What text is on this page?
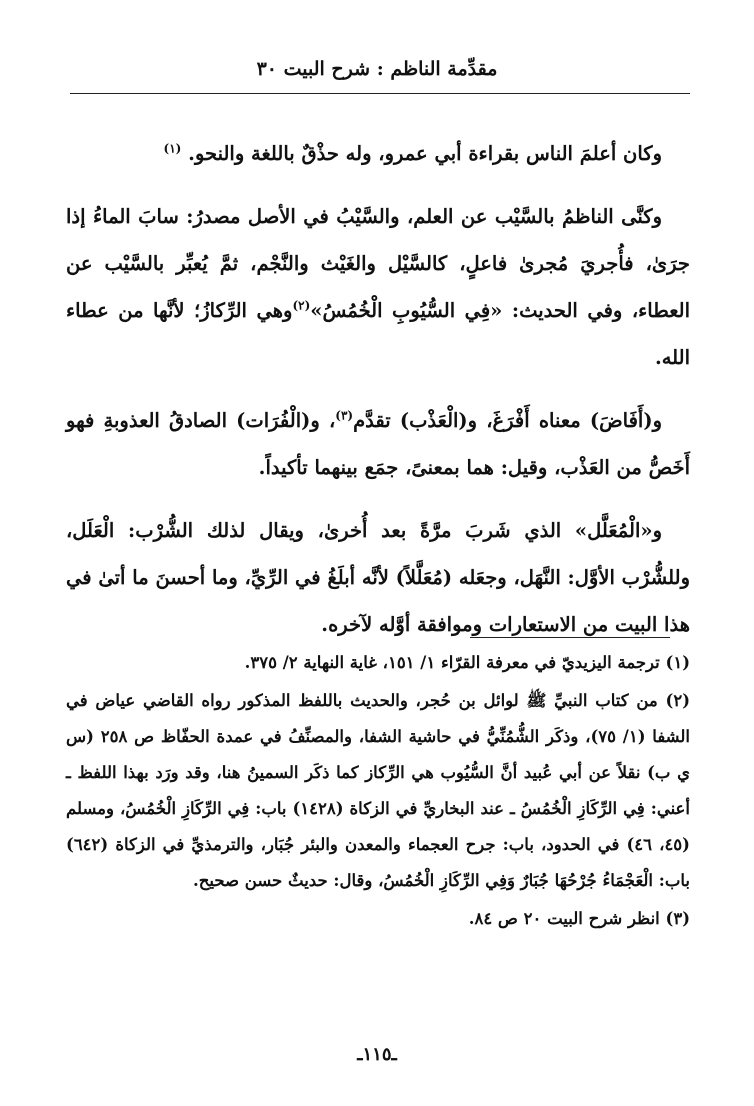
مقدِّمة الناظم : شرح البيت ٣٠

وكان أعلمَ الناس بقراءة أبي عمرو، وله حذْقٌ باللغة والنحو. $^{(١)}$

وكنَّى الناظمُ بالسَّيْب عن العلم، والسَّيْبُ في الأصل مصدرُ: سابَ الماءُ إذا جرَىٰ، فأُجريَ مُجرىٰ فاعلٍ، كالسَّيْل والغَيْث والنَّجْم، ثمَّ يُعبِّر بالسَّيْب عن العطاء، وفي الحديث: «فِي السُّيُوبِ الْخُمُسُ»$^{(٢)}$وهي الرِّكازُ؛ لأنَّها من عطاء الله.

و(أَفَاضَ) معناه أَفْرَغَ، و(الْعَذْب) تقدَّم$^{(٣)}$، و(الْفُرَات) الصادقُ العذوبةِ فهو أَخَصُّ من العَذْب، وقيل: هما بمعنىً، جمَع بينهما تأكيداً.

و«الْمُعَلَّل» الذي شَربَ مرَّةً بعد أُخرىٰ، ويقال لذلك الشُّرْب: الْعَلَل، وللشُّرْب الأوَّل: النَّهَل، وجعَله (مُعَلَّلاً) لأنَّه أبلَغُ في الرِّيِّ، وما أحسنَ ما أتىٰ في هذا البيت من الاستعارات وموافقة أوَّله لآخره.

(١) ترجمة اليزيديّ في معرفة القرّاء ١/ ١٥١، غاية النهاية ٢/ ٣٧٥.

(٢) من كتاب النبيِّ ﷺ لوائل بن حُجر، والحديث باللفظ المذكور رواه القاضي عياض في الشفا (١/ ٧٥)، وذكَر الشُّمُنِّيُّ في حاشية الشفا، والمصنِّفُ في عمدة الحفّاظ ص ٢٥٨ (س ي ب) نقلاً عن أبي عُبيد أنَّ السُّيُوب هي الرِّكاز كما ذكَر السمينُ هنا، وقد ورَد بهذا اللفظ ـ أعني: فِي الرِّكَازِ الْخُمُسُ ـ عند البخاريِّ في الزكاة (١٤٢٨) باب: فِي الرِّكَازِ الْخُمُسُ، ومسلم (٤٥، ٤٦) في الحدود، باب: جرح العجماء والمعدن والبئر جُبَار، والترمذيِّ في الزكاة (٦٤٢) باب: الْعَجْمَاءُ جُرْحُهَا جُبَارٌ وَفِي الرِّكَازِ الْخُمُسُ، وقال: حديثٌ حسن صحيح.

(٣) انظر شرح البيت ٢٠ ص ٨٤.

ـ١١٥ـ
